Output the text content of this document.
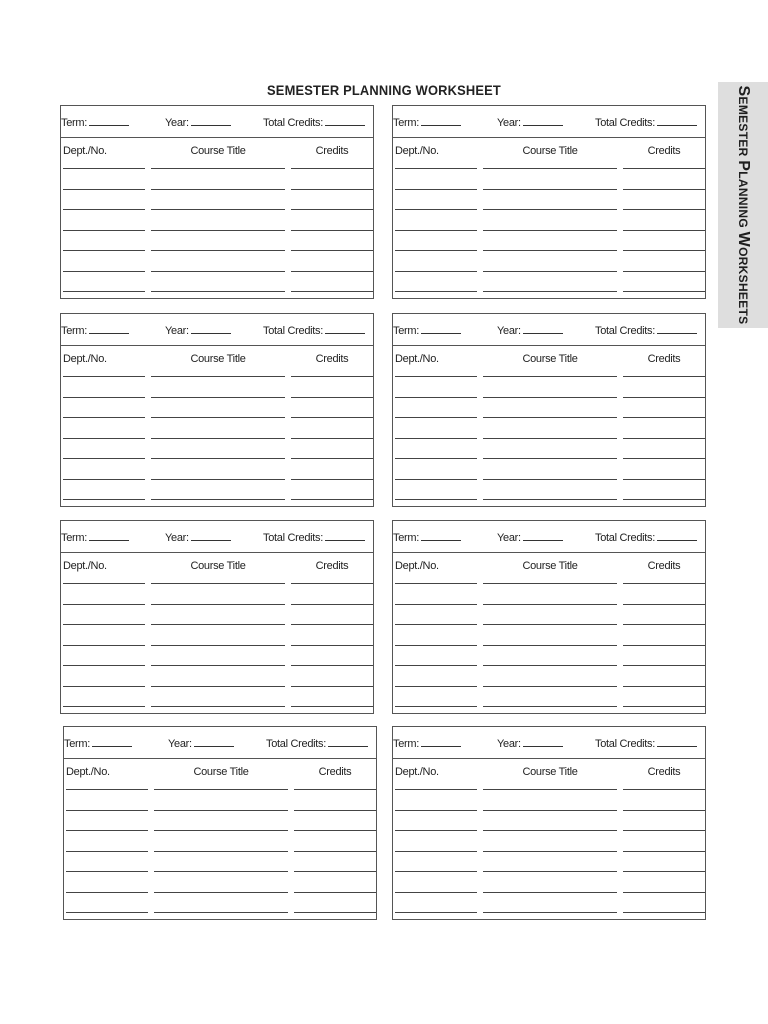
SEMESTER PLANNING WORKSHEET	SEMESTER PLANNING WORKSHEETS
Term:	Year:	Total Credits:
Dept./No.	Course Title	Credits
Term:	Year:	Total Credits:
Dept./No.	Course Title	Credits
Term:	Year:	Total Credits:
Dept./No.	Course Title	Credits
Term:	Year:	Total Credits:
Dept./No.	Course Title	Credits
Term:	Year:	Total Credits:
Dept./No.	Course Title	Credits
Term:	Year:	Total Credits:
Dept./No.	Course Title	Credits
Term:	Year:	Total Credits:
Dept./No.	Course Title	Credits
Term:	Year:	Total Credits:
Dept./No.	Course Title	Credits
